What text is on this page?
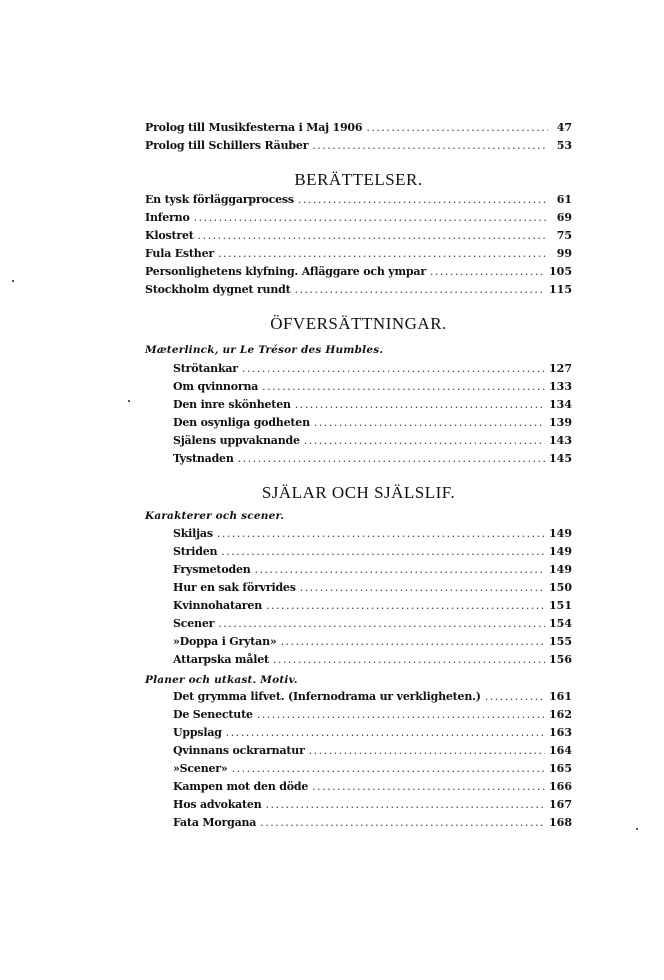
Prolog till Musikfesterna i Maj 1906 .....	47
Prolog till Schillers Räuber .....	53
BERÄTTELSER.
En tysk förläggarprocess .....	61
Inferno .....	69
Klostret .....	75
Fula Esther .....	99
Personlighetens klyfning. Afläggare och ympar .....	105
Stockholm dygnet rundt .....	115
ÖFVERSÄTTNINGAR.
Mæterlinck, ur Le Trésor des Humbles.
Strötankar .....	127
Om qvinnorna .....	133
Den inre skönheten .....	134
Den osynliga godheten .....	139
Själens uppvaknande .....	143
Tystnaden .....	145
SJÄLAR OCH SJÄLSLIF.
Karakterer och scener.
Skiljas .....	149
Striden .....	149
Frysmetoden .....	149
Hur en sak förvrides .....	150
Kvinnohataren .....	151
Scener .....	154
»Doppa i Grytan» .....	155
Attarpska målet .....	156
Planer och utkast. Motiv.
Det grymma lifvet. (Infernodrama ur verkligheten.) .....	161
De Senectute .....	162
Uppslag .....	163
Qvinnans ockrarnatur .....	164
»Scener» .....	165
Kampen mot den döde .....	166
Hos advokaten .....	167
Fata Morgana .....	168
